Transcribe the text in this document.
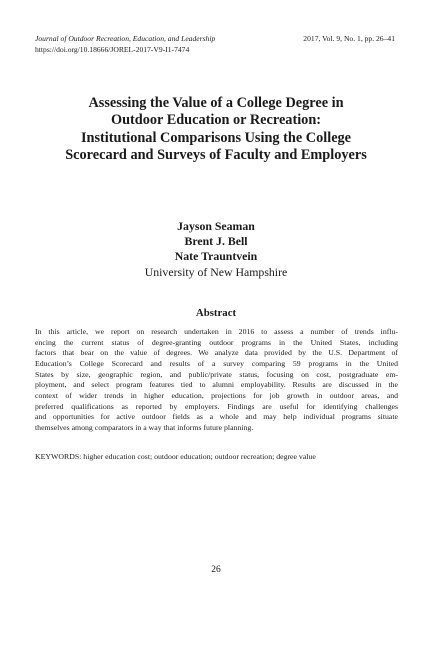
Journal of Outdoor Recreation, Education, and Leadership
https://doi.org/10.18666/JOREL-2017-V9-I1-7474
2017, Vol. 9, No. 1, pp. 26–41
Assessing the Value of a College Degree in
Outdoor Education or Recreation:
Institutional Comparisons Using the College
Scorecard and Surveys of Faculty and Employers
Jayson Seaman
Brent J. Bell
Nate Trauntvein
University of New Hampshire
Abstract
In this article, we report on research undertaken in 2016 to assess a number of trends influ-
encing the current status of degree-granting outdoor programs in the United States, including
factors that bear on the value of degrees. We analyze data provided by the U.S. Department of
Education’s College Scorecard and results of a survey comparing 59 programs in the United
States by size, geographic region, and public/private status, focusing on cost, postgraduate em-
ployment, and select program features tied to alumni employability. Results are discussed in the
context of wider trends in higher education, projections for job growth in outdoor areas, and
preferred qualifications as reported by employers. Findings are useful for identifying challenges
and opportunities for active outdoor fields as a whole and may help individual programs situate
themselves among comparators in a way that informs future planning.
KEYWORDS: higher education cost; outdoor education; outdoor recreation; degree value
26
